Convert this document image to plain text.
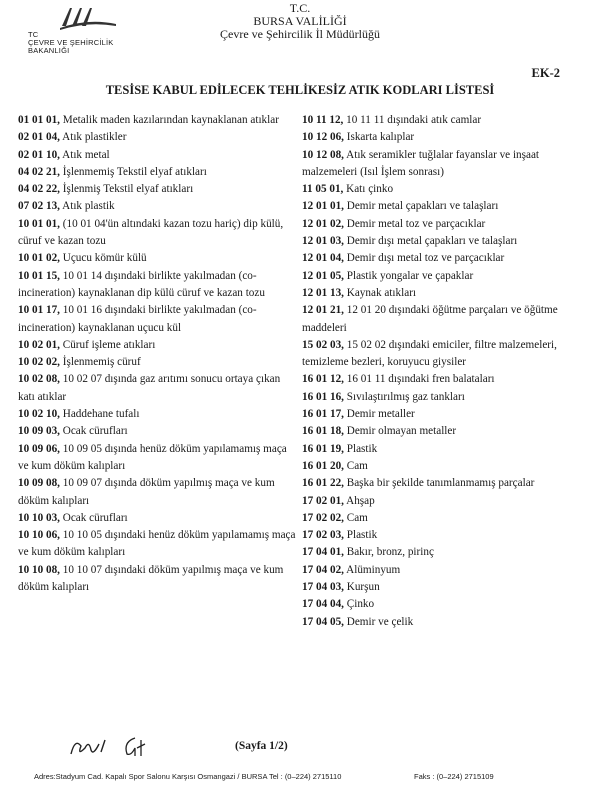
TC
ÇEVRE VE ŞEHİRCİLİK
BAKANLIĞI
T.C.
BURSA VALİLİĞİ
Çevre ve Şehircilik İl Müdürlüğü
EK-2
TESİSE KABUL EDİLECEK TEHLİKESİZ ATIK KODLARI LİSTESİ
01 01 01, Metalik maden kazılarından kaynaklanan atıklar
02 01 04, Atık plastikler
02 01 10, Atık metal
04 02 21, İşlenmemiş Tekstil elyaf atıkları
04 02 22, İşlenmiş Tekstil elyaf atıkları
07 02 13, Atık plastik
10 01 01, (10 01 04'ün altındaki kazan tozu hariç) dip külü, cüruf ve kazan tozu
10 01 02, Uçucu kömür külü
10 01 15, 10 01 14 dışındaki birlikte yakılmadan (co-incineration) kaynaklanan dip külü cüruf ve kazan tozu
10 01 17, 10 01 16 dışındaki birlikte yakılmadan (co-incineration) kaynaklanan uçucu kül
10 02 01, Cüruf işleme atıkları
10 02 02, İşlenmemiş cüruf
10 02 08, 10 02 07 dışında gaz arıtımı sonucu ortaya çıkan katı atıklar
10 02 10, Haddehane tufalı
10 09 03, Ocak cürufları
10 09 06, 10 09 05 dışında henüz döküm yapılamamış maça ve kum döküm kalıpları
10 09 08, 10 09 07 dışında döküm yapılmış maça ve kum döküm kalıpları
10 10 03, Ocak cürufları
10 10 06, 10 10 05 dışındaki henüz döküm yapılamamış maça ve kum döküm kalıpları
10 10 08, 10 10 07 dışındaki döküm yapılmış maça ve kum döküm kalıpları
10 11 12, 10 11 11 dışındaki atık camlar
10 12 06, Iskarta kalıplar
10 12 08, Atık seramikler tuğlalar fayanslar ve inşaat malzemeleri (Isıl İşlem sonrası)
11 05 01, Katı çinko
12 01 01, Demir metal çapakları ve talaşları
12 01 02, Demir metal toz ve parçacıklar
12 01 03, Demir dışı metal çapakları ve talaşları
12 01 04, Demir dışı metal toz ve parçacıklar
12 01 05, Plastik yongalar ve çapaklar
12 01 13, Kaynak atıkları
12 01 21, 12 01 20 dışındaki öğütme parçaları ve öğütme maddeleri
15 02 03, 15 02 02 dışındaki emiciler, filtre malzemeleri, temizleme bezleri, koruyucu giysiler
16 01 12, 16 01 11 dışındaki fren balataları
16 01 16, Sıvılaştırılmış gaz tankları
16 01 17, Demir metaller
16 01 18, Demir olmayan metaller
16 01 19, Plastik
16 01 20, Cam
16 01 22, Başka bir şekilde tanımlanmamış parçalar
17 02 01, Ahşap
17 02 02, Cam
17 02 03, Plastik
17 04 01, Bakır, bronz, pirinç
17 04 02, Alüminyum
17 04 03, Kurşun
17 04 04, Çinko
17 04 05, Demir ve çelik
(Sayfa 1/2)
Adres:Stadyum Cad. Kapalı Spor Salonu Karşısı Osmangazi / BURSA Tel : (0–224) 2715110	Faks : (0–224) 2715109
